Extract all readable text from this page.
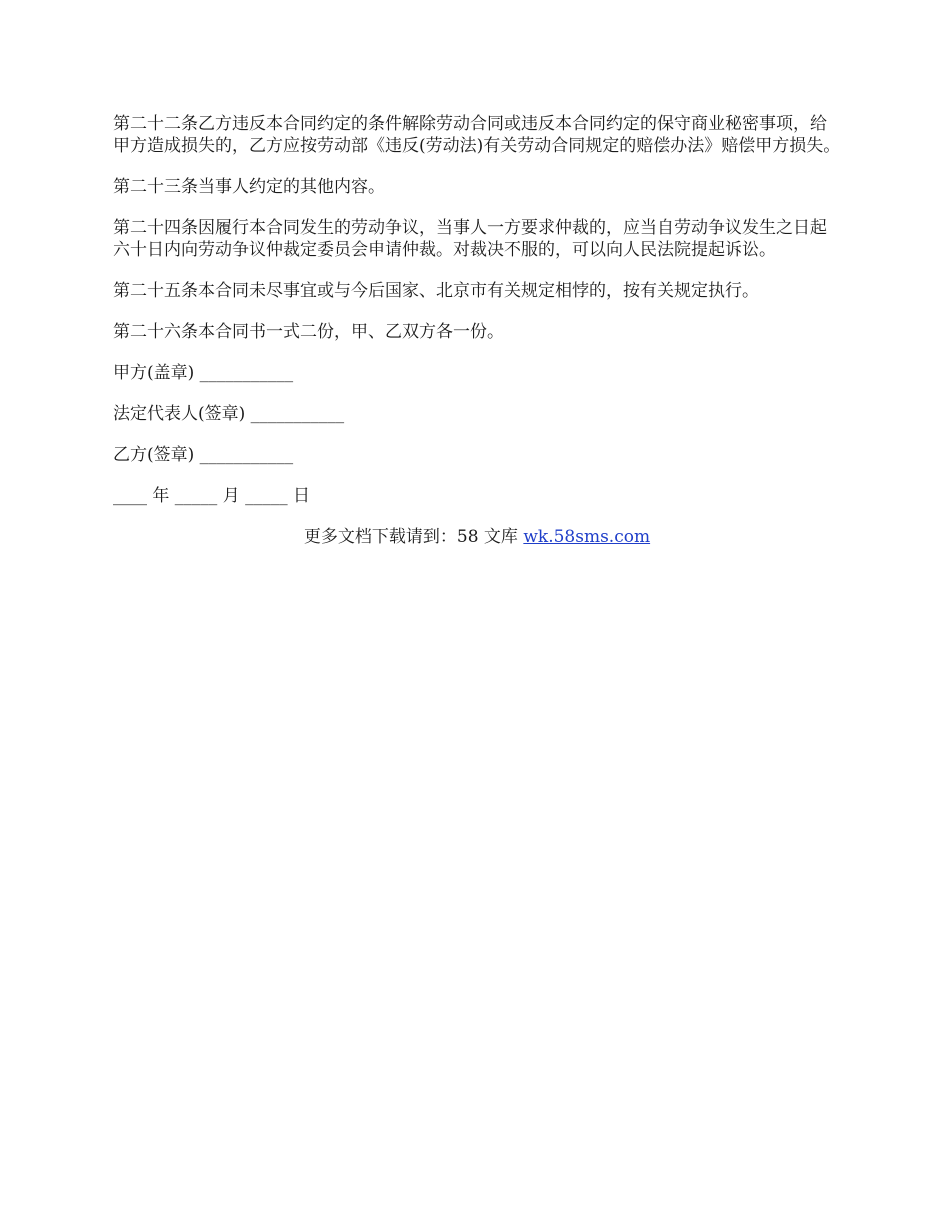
第二十二条乙方违反本合同约定的条件解除劳动合同或违反本合同约定的保守商业秘密事项，给甲方造成损失的，乙方应按劳动部《违反(劳动法)有关劳动合同规定的赔偿办法》赔偿甲方损失。

第二十三条当事人约定的其他内容。

第二十四条因履行本合同发生的劳动争议，当事人一方要求仲裁的，应当自劳动争议发生之日起六十日内向劳动争议仲裁定委员会申请仲裁。对裁决不服的，可以向人民法院提起诉讼。

第二十五条本合同未尽事宜或与今后国家、北京市有关规定相悖的，按有关规定执行。

第二十六条本合同书一式二份，甲、乙双方各一份。

甲方(盖章) ___________

法定代表人(签章) ___________

乙方(签章) ___________

____ 年 _____ 月 _____ 日

更多文档下载请到：58 文库 wk.58sms.com
